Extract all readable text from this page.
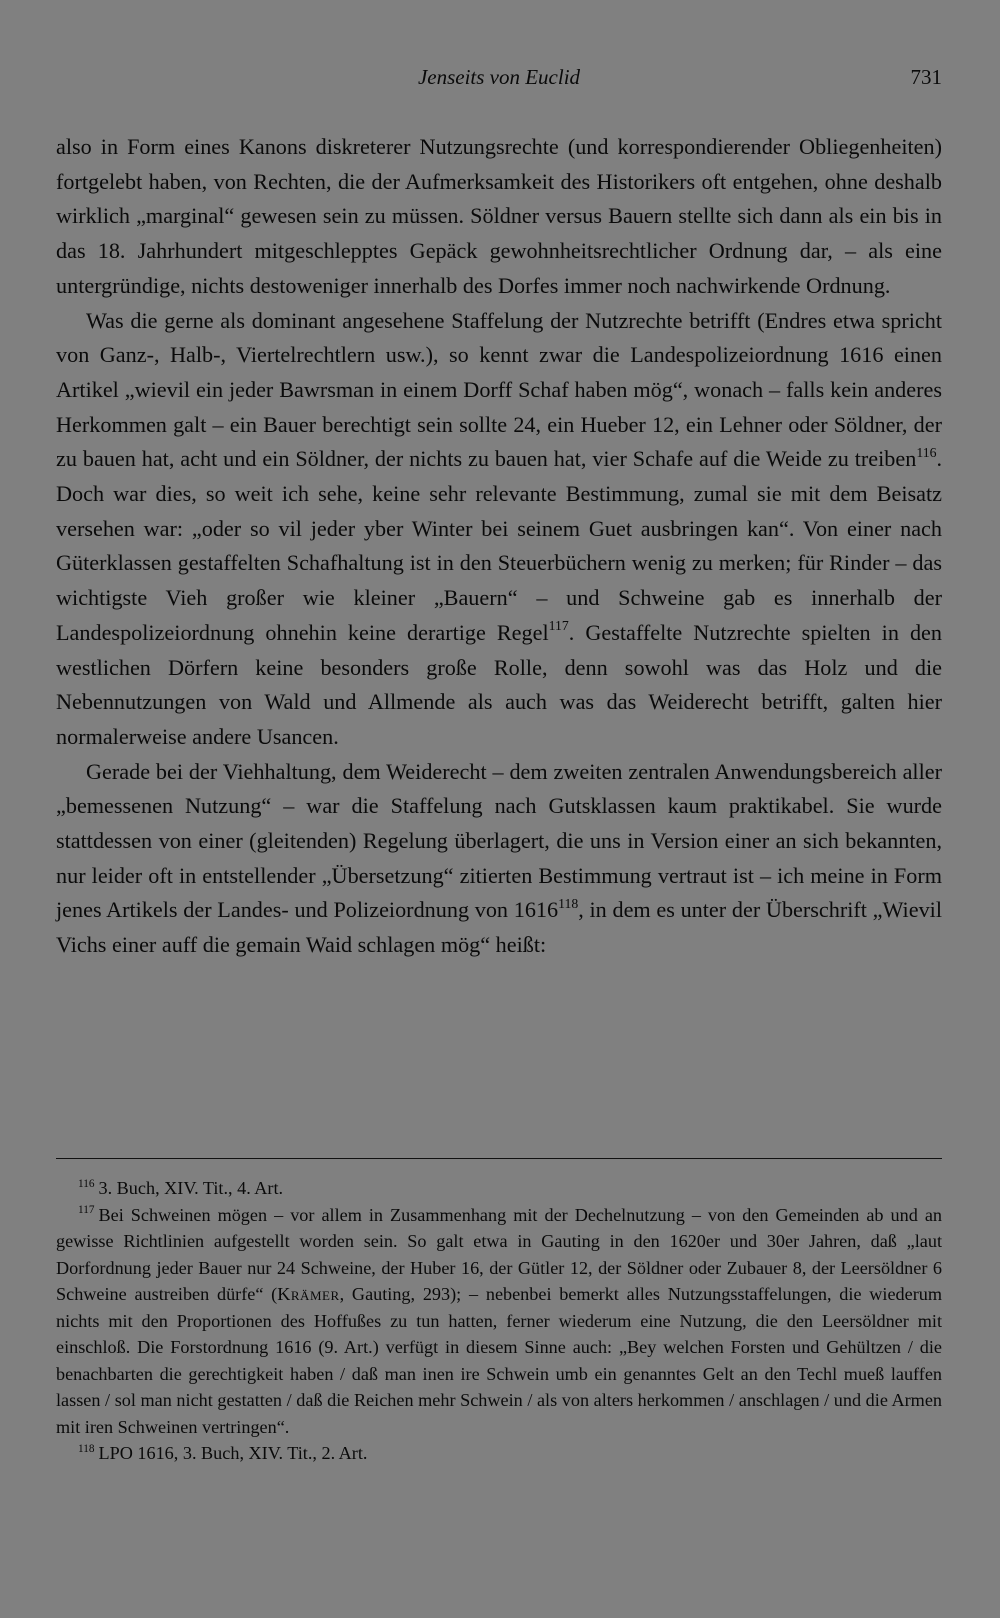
Jenseits von Euclid	731

also in Form eines Kanons diskreterer Nutzungsrechte (und korrespondierender Obliegenheiten) fortgelebt haben, von Rechten, die der Aufmerksamkeit des Historikers oft entgehen, ohne deshalb wirklich „marginal“ gewesen sein zu müssen. Söldner versus Bauern stellte sich dann als ein bis in das 18. Jahrhundert mitgeschlepptes Gepäck gewohnheitsrechtlicher Ordnung dar, – als eine untergründige, nichts destoweniger innerhalb des Dorfes immer noch nachwirkende Ordnung.

Was die gerne als dominant angesehene Staffelung der Nutzrechte betrifft (Endres etwa spricht von Ganz-, Halb-, Viertelrechtlern usw.), so kennt zwar die Landespolizeiordnung 1616 einen Artikel „wievil ein jeder Bawrsman in einem Dorff Schaf haben mög“, wonach – falls kein anderes Herkommen galt – ein Bauer berechtigt sein sollte 24, ein Hueber 12, ein Lehner oder Söldner, der zu bauen hat, acht und ein Söldner, der nichts zu bauen hat, vier Schafe auf die Weide zu treiben$^{116}$. Doch war dies, so weit ich sehe, keine sehr relevante Bestimmung, zumal sie mit dem Beisatz versehen war: „oder so vil jeder yber Winter bei seinem Guet ausbringen kan“. Von einer nach Güterklassen gestaffelten Schafhaltung ist in den Steuerbüchern wenig zu merken; für Rinder – das wichtigste Vieh großer wie kleiner „Bauern“ – und Schweine gab es innerhalb der Landespolizeiordnung ohnehin keine derartige Regel$^{117}$. Gestaffelte Nutzrechte spielten in den westlichen Dörfern keine besonders große Rolle, denn sowohl was das Holz und die Nebennutzungen von Wald und Allmende als auch was das Weiderecht betrifft, galten hier normalerweise andere Usancen.

Gerade bei der Viehhaltung, dem Weiderecht – dem zweiten zentralen Anwendungsbereich aller „bemessenen Nutzung“ – war die Staffelung nach Gutsklassen kaum praktikabel. Sie wurde stattdessen von einer (gleitenden) Regelung überlagert, die uns in Version einer an sich bekannten, nur leider oft in entstellender „Übersetzung“ zitierten Bestimmung vertraut ist – ich meine in Form jenes Artikels der Landes- und Polizeiordnung von 1616$^{118}$, in dem es unter der Überschrift „Wievil Vichs einer auff die gemain Waid schlagen mög“ heißt:

$^{116}$ 3. Buch, XIV. Tit., 4. Art.

$^{117}$ Bei Schweinen mögen – vor allem in Zusammenhang mit der Dechelnutzung – von den Gemeinden ab und an gewisse Richtlinien aufgestellt worden sein. So galt etwa in Gauting in den 1620er und 30er Jahren, daß „laut Dorfordnung jeder Bauer nur 24 Schweine, der Huber 16, der Gütler 12, der Söldner oder Zubauer 8, der Leersöldner 6 Schweine austreiben dürfe“ (Krämer, Gauting, 293); – nebenbei bemerkt alles Nutzungsstaffelungen, die wiederum nichts mit den Proportionen des Hoffußes zu tun hatten, ferner wiederum eine Nutzung, die den Leersöldner mit einschloß. Die Forstordnung 1616 (9. Art.) verfügt in diesem Sinne auch: „Bey welchen Forsten und Gehültzen / die benachbarten die gerechtigkeit haben / daß man inen ire Schwein umb ein genanntes Gelt an den Techl mueß lauffen lassen / sol man nicht gestatten / daß die Reichen mehr Schwein / als von alters herkommen / anschlagen / und die Armen mit iren Schweinen vertringen“.

$^{118}$ LPO 1616, 3. Buch, XIV. Tit., 2. Art.
